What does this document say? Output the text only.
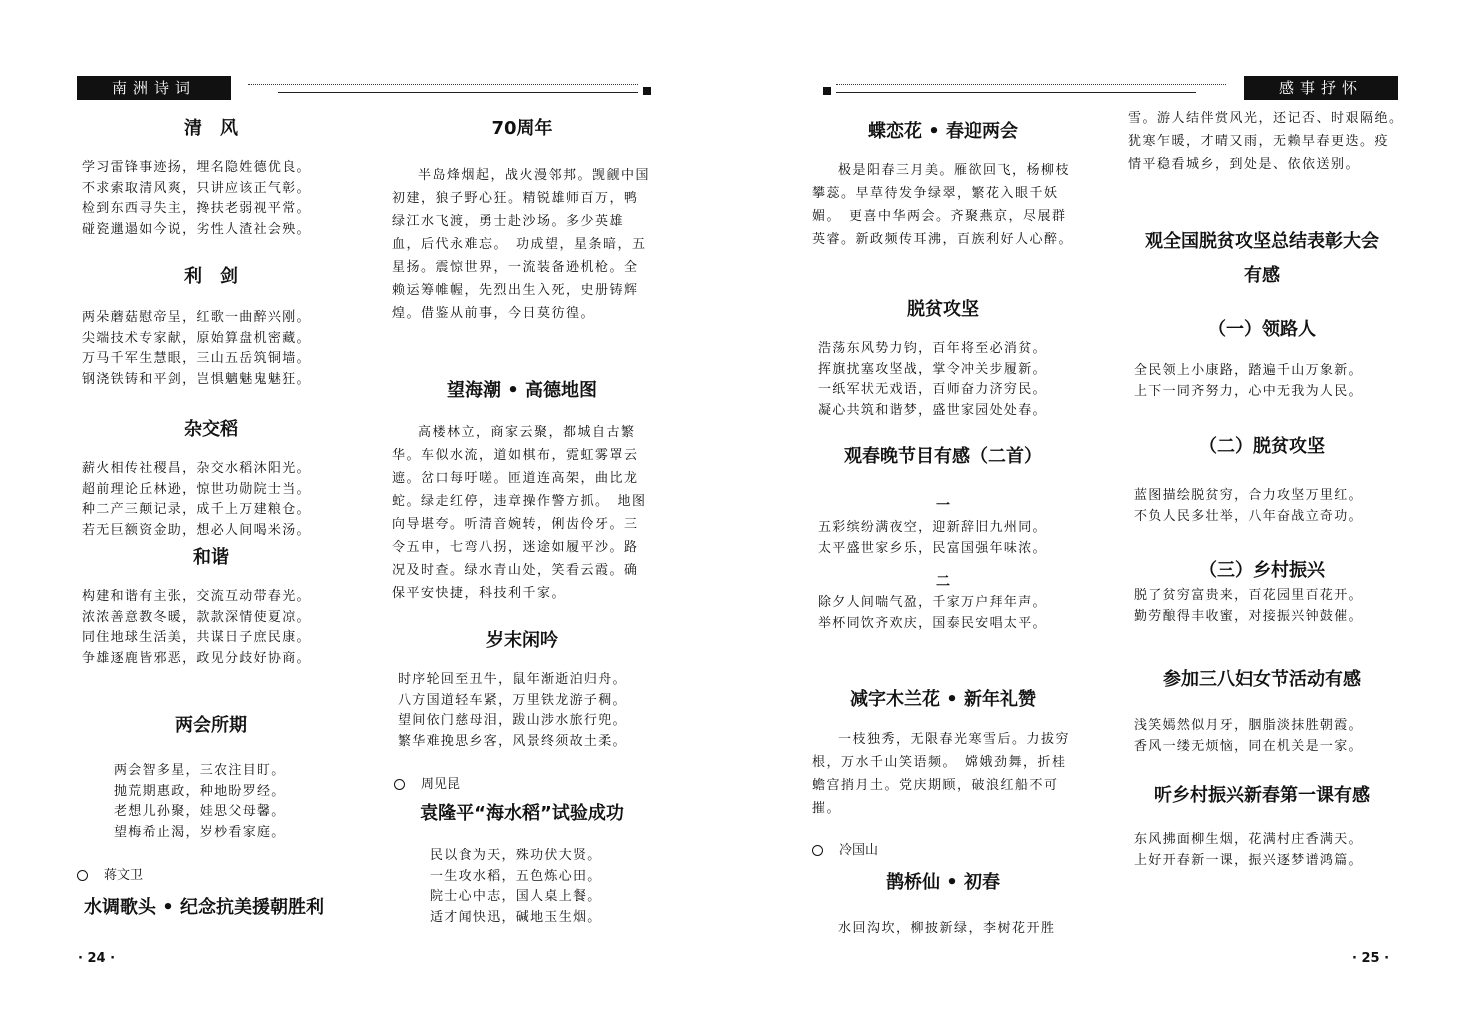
南洲诗词	感事抒怀
清　风
学习雷锋事迹扬，埋名隐姓德优良。
不求索取清风爽，只讲应该正气彰。
检到东西寻失主，搀扶老弱视平常。
碰瓷邋遢如今说，劣性人渣社会殃。
利　剑
两朵蘑菇慰帝呈，红歌一曲醉兴刚。
尖端技术专家献，原始算盘机密藏。
万马千军生慧眼，三山五岳筑铜墙。
钢浇铁铸和平剑，岂惧魑魅鬼魅狂。
杂交稻
薪火相传社稷昌，杂交水稻沐阳光。
超前理论丘林逊，惊世功勋院士当。
种二产三颠记录，成千上万建粮仓。
若无巨额资金助，想必人间喝米汤。
和谐
构建和谐有主张，交流互动带春光。
浓浓善意教冬暖，款款深情使夏凉。
同住地球生活美，共谋日子庶民康。
争雄逐鹿皆邪恶，政见分歧好协商。
两会所期
两会智多星，三农注目盯。
抛荒期惠政，种地盼罗经。
老想儿孙聚，娃思父母馨。
望梅希止渴，岁杪看家庭。
蒋文卫
水调歌头 • 纪念抗美援朝胜利
· 24 ·
70周年
半岛烽烟起，战火漫邻邦。觊觎中国初建，狼子野心狂。精锐雄师百万，鸭绿江水飞渡，勇士赴沙场。多少英雄血，后代永难忘。　功成望，星条暗，五星扬。震惊世界，一流装备逊机枪。全赖运筹帷幄，先烈出生入死，史册铸辉煌。借鉴从前事，今日莫彷徨。
望海潮 • 高德地图
高楼林立，商家云聚，都城自古繁华。车似水流，道如棋布，霓虹雾罩云遮。岔口每吁嗟。匝道连高架，曲比龙蛇。绿走红停，违章操作警方抓。　地图向导堪夸。听清音婉转，俐齿伶牙。三令五申，七弯八拐，迷途如履平沙。路况及时查。绿水青山处，笑看云霞。确保平安快捷，科技利千家。
岁末闲吟
时序轮回至丑牛，鼠年渐逝泊归舟。
八方国道轻车紧，万里铁龙游子稠。
望间依门慈母泪，跋山涉水旅行兜。
繁华难挽思乡客，风景终须故土柔。
周见昆
袁隆平“海水稻”试验成功
民以食为天，殊功伏大贤。
一生攻水稻，五色炼心田。
院士心中志，国人桌上餐。
适才闻快迅，碱地玉生烟。
蝶恋花 • 春迎两会
极是阳春三月美。雁欲回飞，杨柳枝攀蕊。早草待发争绿翠，繁花入眼千妖媚。　更喜中华两会。齐聚燕京，尽展群英睿。新政频传耳沸，百族利好人心醉。
脱贫攻坚
浩荡东风势力钧，百年将至必消贫。
挥旗扰塞攻坚战，掌令冲关步履新。
一纸军状无戏语，百师奋力济穷民。
凝心共筑和谐梦，盛世家园处处春。
观春晚节目有感（二首）
一
五彩缤纷满夜空，迎新辞旧九州同。
太平盛世家乡乐，民富国强年味浓。
二
除夕人间喘气盈，千家万户拜年声。
举杯同饮齐欢庆，国泰民安唱太平。
减字木兰花 • 新年礼赞
一枝独秀，无限春光寒雪后。力拔穷根，万水千山笑语频。　嫦娥劲舞，折桂蟾宫捎月土。党庆期顾，破浪红船不可摧。
冷国山
鹊桥仙 • 初春
水回沟坎，柳披新绿，李树花开胜
雪。游人结伴赏风光，还记否、时艰隔绝。　犹寒乍暖，才晴又雨，无赖早春更迭。疫情平稳看城乡，到处是、依依送别。
观全国脱贫攻坚总结表彰大会
有感
（一）领路人
全民领上小康路，踏遍千山万象新。
上下一同齐努力，心中无我为人民。
（二）脱贫攻坚
蓝图描绘脱贫穷，合力攻坚万里红。
不负人民多壮举，八年奋战立奇功。
（三）乡村振兴
脱了贫穷富贵来，百花园里百花开。
勤劳酿得丰收蜜，对接振兴钟鼓催。
参加三八妇女节活动有感
浅笑嫣然似月牙，胭脂淡抹胜朝霞。
香风一缕无烦恼，同在机关是一家。
听乡村振兴新春第一课有感
东风拂面柳生烟，花满村庄香满天。
上好开春新一课，振兴逐梦谱鸿篇。
· 25 ·
